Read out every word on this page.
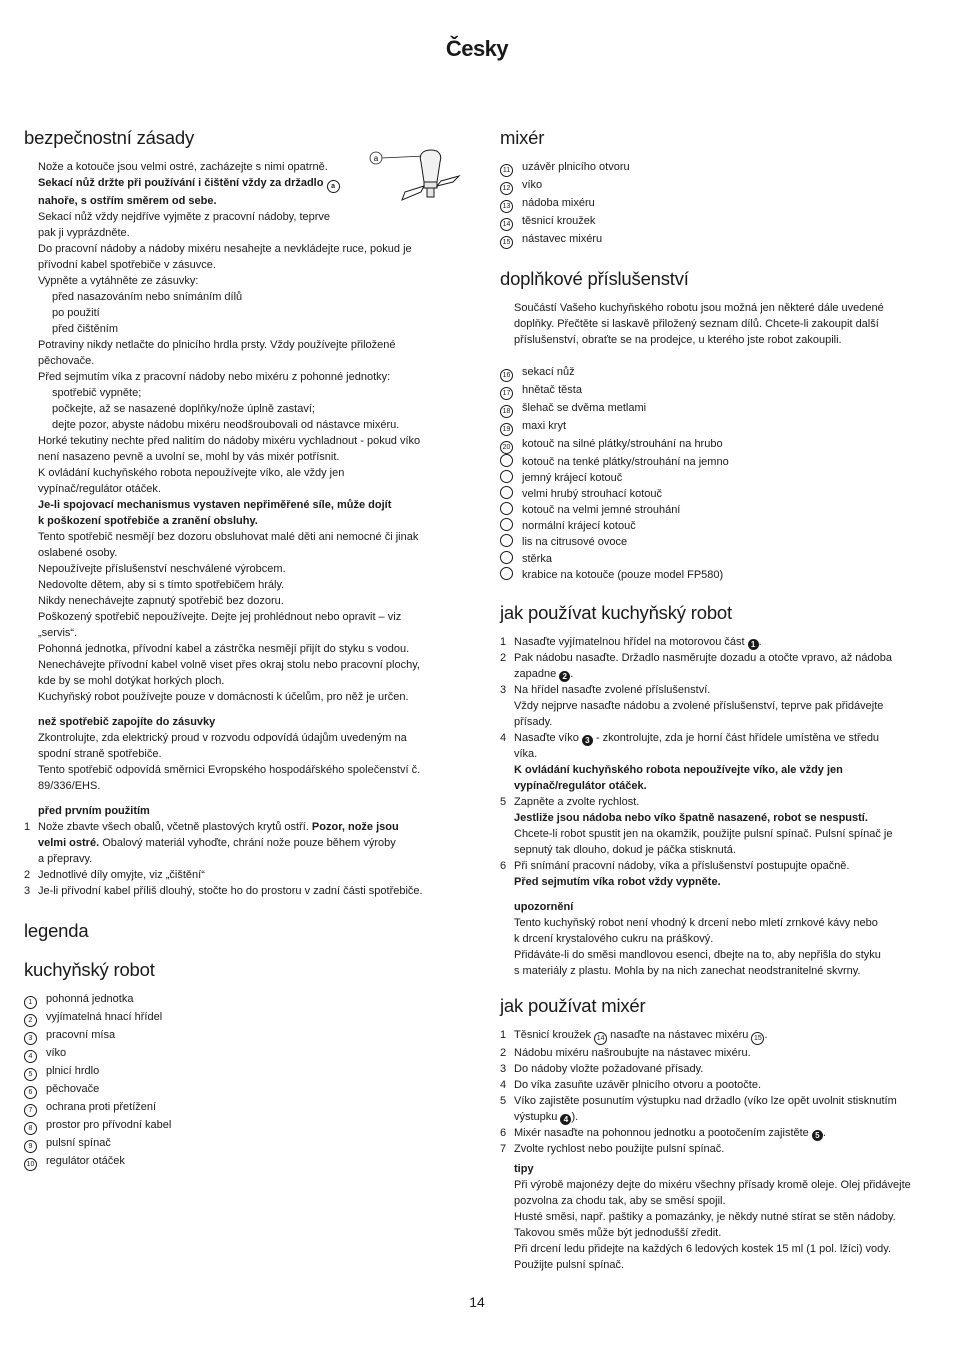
Česky
bezpečnostní zásady
a

Nože a kotouče jsou velmi ostré, zacházejte s nimi opatrně.

Sekací nůž držte při používání i čištění vždy za držadlo a

nahoře, s ostřím směrem od sebe.

Sekací nůž vždy nejdříve vyjměte z pracovní nádoby, teprve

pak ji vyprázdněte.

Do pracovní nádoby a nádoby mixéru nesahejte a nevkládejte ruce, pokud je

přívodní kabel spotřebiče v zásuvce.

Vypněte a vytáhněte ze zásuvky:

před nasazováním nebo snímáním dílů

po použití

před čištěním

Potraviny nikdy netlačte do plnicího hrdla prsty. Vždy používejte přiložené

pěchovače.

Před sejmutím víka z pracovní nádoby nebo mixéru z pohonné jednotky:

spotřebič vypněte;

počkejte, až se nasazené doplňky/nože úplně zastaví;

dejte pozor, abyste nádobu mixéru neodšroubovali od nástavce mixéru.

Horké tekutiny nechte před nalitím do nádoby mixéru vychladnout - pokud víko

není nasazeno pevně a uvolní se, mohl by vás mixér potřísnit.

K ovládání kuchyňského robota nepoužívejte víko, ale vždy jen

vypínač/regulátor otáček.

Je-li spojovací mechanismus vystaven nepřiměřené síle, může dojít

k poškození spotřebiče a zranění obsluhy.

Tento spotřebič nesmějí bez dozoru obsluhovat malé děti ani nemocné či jinak

oslabené osoby.

Nepoužívejte příslušenství neschválené výrobcem.

Nedovolte dětem, aby si s tímto spotřebičem hrály.

Nikdy nenechávejte zapnutý spotřebič bez dozoru.

Poškozený spotřebič nepoužívejte. Dejte jej prohlédnout nebo opravit – viz

„servis“.

Pohonná jednotka, přívodní kabel a zástrčka nesmějí přijít do styku s vodou.

Nenechávejte přívodní kabel volně viset přes okraj stolu nebo pracovní plochy,

kde by se mohl dotýkat horkých ploch.

Kuchyňský robot používejte pouze v domácnosti k účelům, pro něž je určen.

než spotřebič zapojíte do zásuvky

Zkontrolujte, zda elektrický proud v rozvodu odpovídá údajům uvedeným na

spodní straně spotřebiče.

Tento spotřebič odpovídá směrnici Evropského hospodářského společenství č.

89/336/EHS.

před prvním použitím
1 Nože zbavte všech obalů, včetně plastových krytů ostří. Pozor, nože jsou
velmi ostré. Obalový materiál vyhoďte, chrání nože pouze během výroby
a přepravy.
2 Jednotlivé díly omyjte, viz „čištění“
3 Je-li přívodní kabel příliš dlouhý, stočte ho do prostoru v zadní části spotřebiče.
legenda
kuchyňský robot
1	pohonná jednotka
2	vyjímatelná hnací hřídel
3	pracovní mísa
4	víko
5	plnicí hrdlo
6	pěchovače
7	ochrana proti přetížení
8	prostor pro přívodní kabel
9	pulsní spínač
10	regulátor otáček
mixér
11	uzávěr plnicího otvoru
12	víko
13	nádoba mixéru
14	těsnicí kroužek
15	nástavec mixéru
doplňkové příslušenství

Součástí Vašeho kuchyňského robotu jsou možná jen některé dále uvedené

doplňky. Přečtěte si laskavě přiložený seznam dílů. Chcete-li zakoupit další

příslušenství, obraťte se na prodejce, u kterého jste robot zakoupili.

16	sekací nůž
17	hnětač těsta
18	šlehač se dvěma metlami
19	maxi kryt
20	kotouč na silné plátky/strouhání na hrubo
kotouč na tenké plátky/strouhání na jemno
jemný krájecí kotouč
velmi hrubý strouhací kotouč
kotouč na velmi jemné strouhání
normální krájecí kotouč
lis na citrusové ovoce
stěrka
krabice na kotouče (pouze model FP580)
jak používat kuchyňský robot
1 Nasaďte vyjímatelnou hřídel na motorovou část 1 .
2 Pak nádobu nasaďte. Držadlo nasměrujte dozadu a otočte vpravo, až nádoba
zapadne 2 .
3 Na hřídel nasaďte zvolené příslušenství.
Vždy nejprve nasaďte nádobu a zvolené příslušenství, teprve pak přidávejte
přísady.
4 Nasaďte víko 3 - zkontrolujte, zda je horní část hřídele umístěna ve středu
víka.
K ovládání kuchyňského robota nepoužívejte víko, ale vždy jen
vypínač/regulátor otáček.
5 Zapněte a zvolte rychlost.
Jestliže jsou nádoba nebo víko špatně nasazené, robot se nespustí.
Chcete-li robot spustit jen na okamžik, použijte pulsní spínač. Pulsní spínač je
sepnutý tak dlouho, dokud je páčka stisknutá.
6 Při snímání pracovní nádoby, víka a příslušenství postupujte opačně.
Před sejmutím víka robot vždy vypněte.
upozornění

Tento kuchyňský robot není vhodný k drcení nebo mletí zrnkové kávy nebo

k drcení krystalového cukru na práškový.

Přidáváte-li do směsi mandlovou esenci, dbejte na to, aby nepřišla do styku

s materiály z plastu. Mohla by na nich zanechat neodstranitelné skvrny.

jak používat mixér
1 Těsnicí kroužek 14 nasaďte na nástavec mixéru 15 .
2 Nádobu mixéru našroubujte na nástavec mixéru.
3 Do nádoby vložte požadované přísady.
4 Do víka zasuňte uzávěr plnicího otvoru a pootočte.
5 Víko zajistěte posunutím výstupku nad držadlo (víko lze opět uvolnit stisknutím
výstupku 4 ).
6 Mixér nasaďte na pohonnou jednotku a pootočením zajistěte 5 .
7 Zvolte rychlost nebo použijte pulsní spínač.
tipy

Při výrobě majonézy dejte do mixéru všechny přísady kromě oleje. Olej přidávejte

pozvolna za chodu tak, aby se směsí spojil.

Husté směsi, např. paštiky a pomazánky, je někdy nutné stírat se stěn nádoby.

Takovou směs může být jednodušší zředit.

Při drcení ledu přidejte na každých 6 ledových kostek 15 ml (1 pol. lžíci) vody.

Použijte pulsní spínač.

14
